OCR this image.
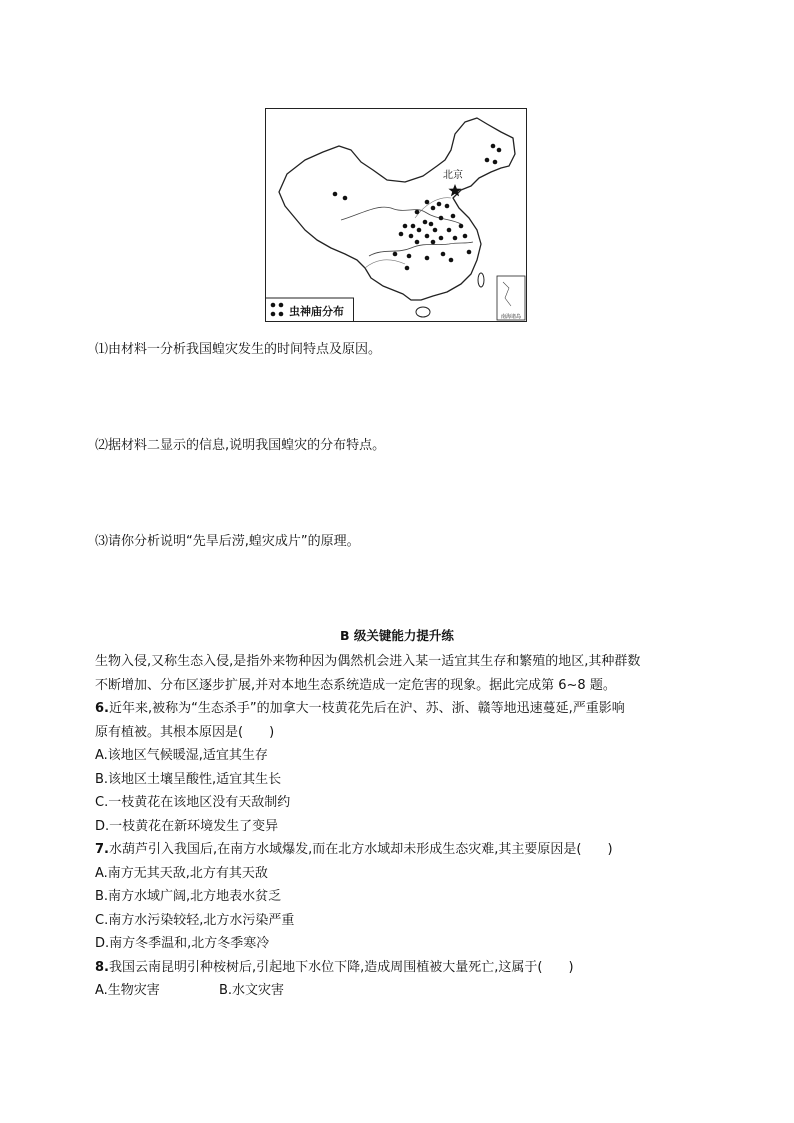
南海诸岛
北京
虫神庙分布
⑴由材料一分析我国蝗灾发生的时间特点及原因。
⑵据材料二显示的信息,说明我国蝗灾的分布特点。
⑶请你分析说明“先旱后涝,蝗灾成片”的原理。
B 级关键能力提升练
生物入侵,又称生态入侵,是指外来物种因为偶然机会进入某一适宜其生存和繁殖的地区,其种群数
不断增加、分布区逐步扩展,并对本地生态系统造成一定危害的现象。据此完成第 6~8 题。
6.近年来,被称为“生态杀手”的加拿大一枝黄花先后在沪、苏、浙、赣等地迅速蔓延,严重影响
原有植被。其根本原因是(　　)
A.该地区气候暖湿,适宜其生存
B.该地区土壤呈酸性,适宜其生长
C.一枝黄花在该地区没有天敌制约
D.一枝黄花在新环境发生了变异
7.水葫芦引入我国后,在南方水域爆发,而在北方水域却未形成生态灾难,其主要原因是(　　)
A.南方无其天敌,北方有其天敌
B.南方水域广阔,北方地表水贫乏
C.南方水污染较轻,北方水污染严重
D.南方冬季温和,北方冬季寒冷
8.我国云南昆明引种桉树后,引起地下水位下降,造成周围植被大量死亡,这属于(　　)
A.生物灾害	B.水文灾害
